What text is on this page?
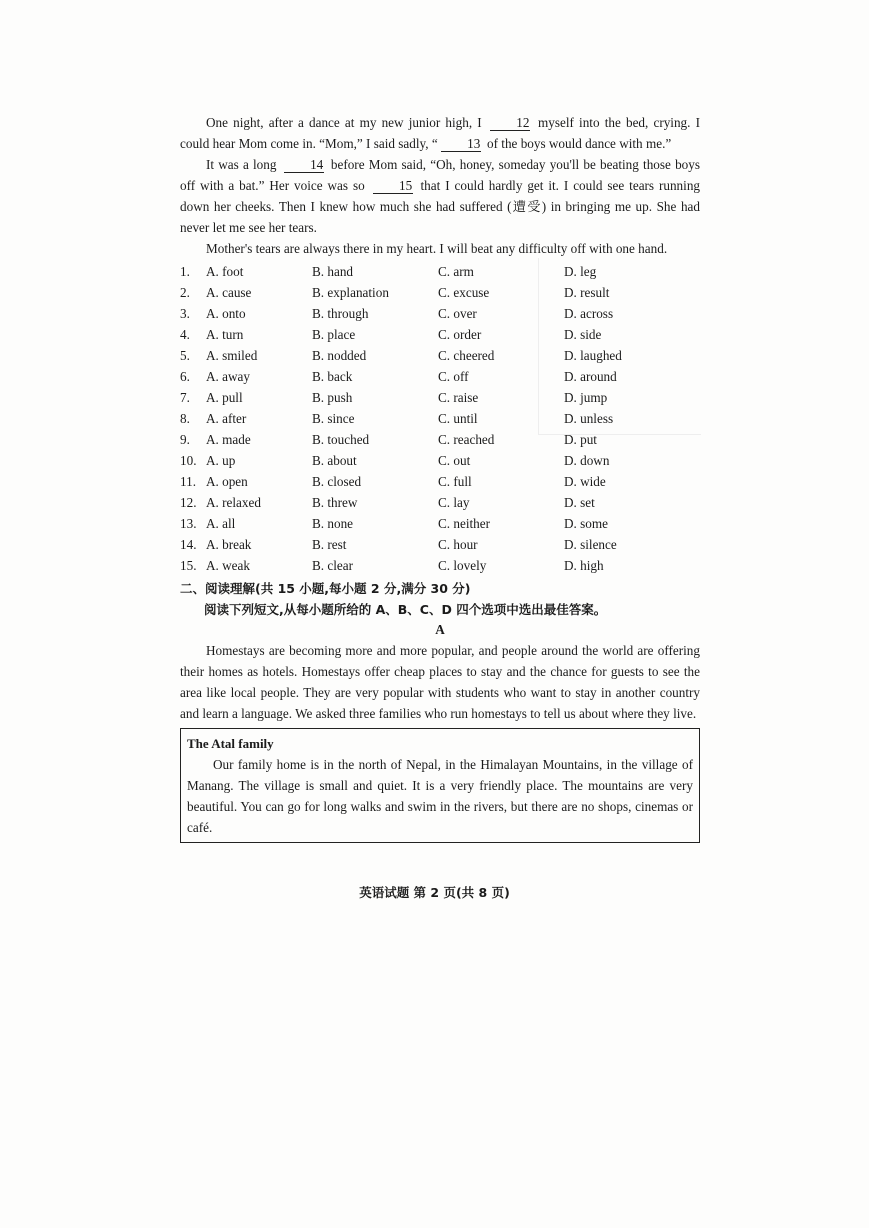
One night, after a dance at my new junior high, I	12 myself into the bed, crying. I could hear Mom come in. “Mom,” I said sadly, “ 13 of the boys would dance with me.”

It was a long	14 before Mom said, “Oh, honey, someday you'll be beating those boys off with a bat.” Her voice was so	15 that I could hardly get it. I could see tears running down her cheeks. Then I knew how much she had suffered (遭受) in bringing me up. She had never let me see her tears.

Mother's tears are always there in my heart. I will beat any difficulty off with one hand.

1.	A. foot	B. hand	C. arm	D. leg
2.	A. cause	B. explanation	C. excuse	D. result
3.	A. onto	B. through	C. over	D. across
4.	A. turn	B. place	C. order	D. side
5.	A. smiled	B. nodded	C. cheered	D. laughed
6.	A. away	B. back	C. off	D. around
7.	A. pull	B. push	C. raise	D. jump
8.	A. after	B. since	C. until	D. unless
9.	A. made	B. touched	C. reached	D. put
10. A. up	B. about	C. out	D. down
11. A. open	B. closed	C. full	D. wide
12. A. relaxed	B. threw	C. lay	D. set
13. A. all	B. none	C. neither	D. some
14. A. break	B. rest	C. hour	D. silence
15. A. weak	B. clear	C. lovely	D. high
二、阅读理解(共 15 小题,每小题 2 分,满分 30 分)
阅读下列短文,从每小题所给的 A、B、C、D 四个选项中选出最佳答案。
A

Homestays are becoming more and more popular, and people around the world are offering their homes as hotels. Homestays offer cheap places to stay and the chance for guests to see the area like local people. They are very popular with students who want to stay in another country and learn a language. We asked three families who run homestays to tell us about where they live.

The Atal family

Our family home is in the north of Nepal, in the Himalayan Mountains, in the village of Manang. The village is small and quiet. It is a very friendly place. The mountains are very beautiful. You can go for long walks and swim in the rivers, but there are no shops, cinemas or café.

英语试题 第 2 页(共 8 页)
